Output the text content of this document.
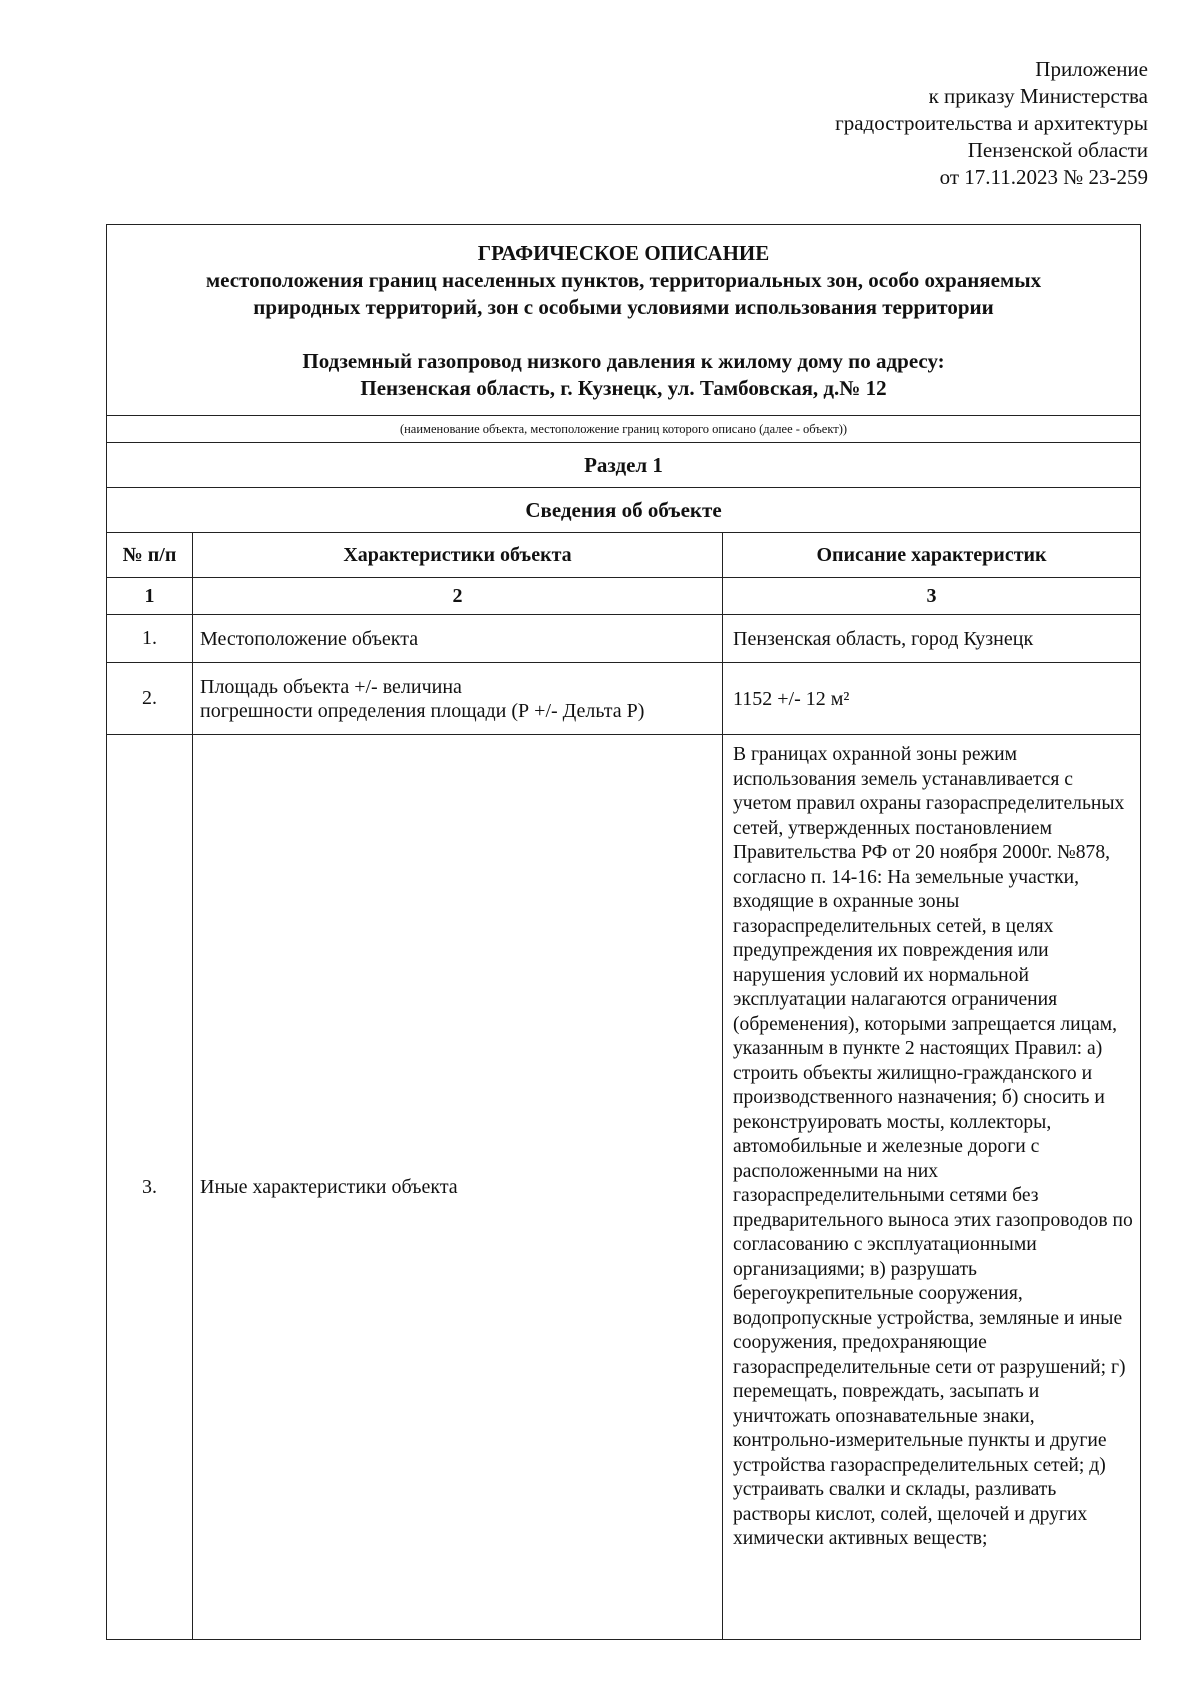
Приложение
к приказу Министерства
градостроительства и архитектуры
Пензенской области
от 17.11.2023 № 23-259
ГРАФИЧЕСКОЕ ОПИСАНИЕ
местоположения границ населенных пунктов, территориальных зон, особо охраняемых
природных территорий, зон с особыми условиями использования территории
Подземный газопровод низкого давления к жилому дому по адресу:
Пензенская область, г. Кузнецк, ул. Тамбовская, д.№ 12		

(наименование объекта, местоположение границ которого описано (далее - объект))		
Раздел 1		
Сведения об объекте		
№ п/п	Характеристики объекта	Описание характеристик
1	2	3
1.	Местоположение объекта	Пензенская область, город Кузнецк
2.	Площадь объекта +/- величина
погрешности определения площади (Р +/- Дельта Р)	1152 +/- 12 м²
3.	Иные характеристики объекта	В границах охранной зоны режим использования земель устанавливается с учетом правил охраны газораспределительных сетей, утвержденных постановлением Правительства РФ от 20 ноября 2000г. №878, согласно п. 14-16: На земельные участки, входящие в охранные зоны газораспределительных сетей, в целях предупреждения их повреждения или нарушения условий их нормальной эксплуатации налагаются ограничения (обременения), которыми запрещается лицам, указанным в пункте 2 настоящих Правил: а) строить объекты жилищно-гражданского и производственного назначения; б) сносить и реконструировать мосты, коллекторы, автомобильные и железные дороги с расположенными на них газораспределительными сетями без предварительного выноса этих газопроводов по согласованию с эксплуатационными организациями; в) разрушать берегоукрепительные сооружения, водопропускные устройства, земляные и иные сооружения, предохраняющие газораспределительные сети от разрушений; г) перемещать, повреждать, засыпать и уничтожать опознавательные знаки, контрольно-измерительные пункты и другие устройства газораспределительных сетей; д) устраивать свалки и склады, разливать растворы кислот, солей, щелочей и других химически активных веществ;
